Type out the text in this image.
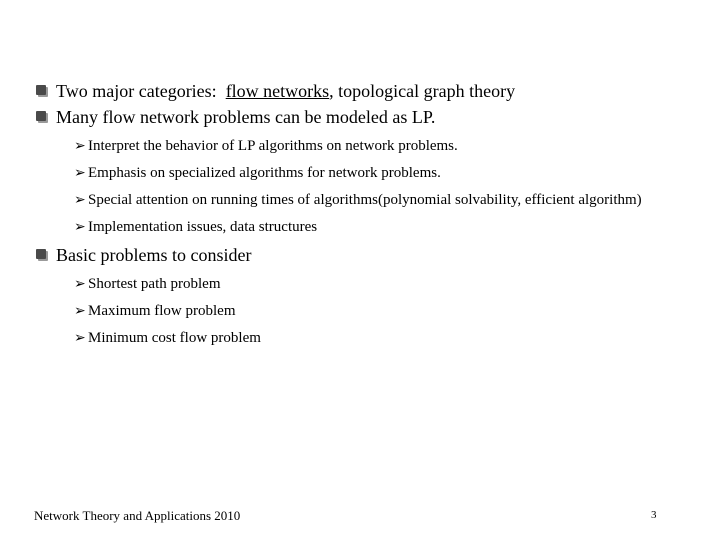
Two major categories:  flow networks, topological graph theory
Many flow network problems can be modeled as LP.
➢ Interpret the behavior of LP algorithms on network problems.
➢ Emphasis on specialized algorithms for network problems.
➢ Special attention on running times of algorithms(polynomial solvability, efficient algorithm)
➢ Implementation issues, data structures
Basic problems to consider
➢ Shortest path problem
➢ Maximum flow problem
➢ Minimum cost flow problem
Network Theory and Applications 2010	3
